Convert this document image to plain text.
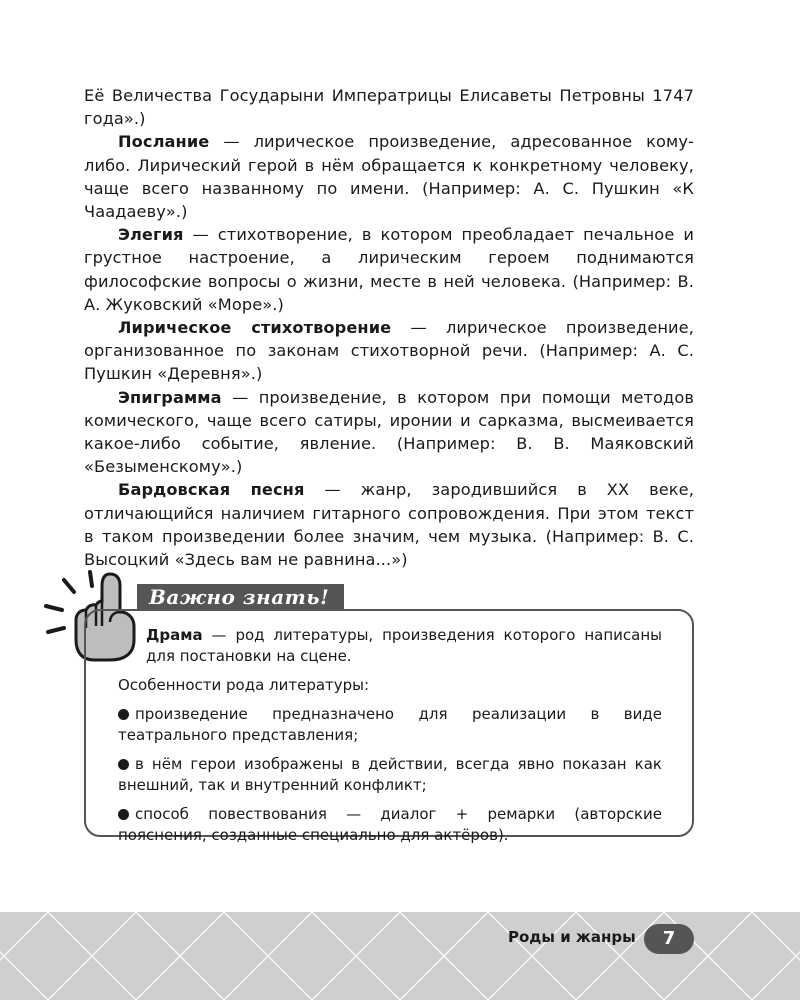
Её Величества Государыни Императрицы Елисаветы Петровны 1747 года».)

Послание — лирическое произведение, адресованное кому-либо. Лирический герой в нём обращается к конкретному человеку, чаще всего названному по имени. (Например: А. С. Пушкин «К Чаадаеву».)

Элегия — стихотворение, в котором преобладает печальное и грустное настроение, а лирическим героем поднимаются философские вопросы о жизни, месте в ней человека. (Например: В. А. Жуковский «Море».)

Лирическое стихотворение — лирическое произведение, организованное по законам стихотворной речи. (Например: А. С. Пушкин «Деревня».)

Эпиграмма — произведение, в котором при помощи методов комического, чаще всего сатиры, иронии и сарказма, высмеивается какое-либо событие, явление. (Например: В. В. Маяковский «Безыменскому».)

Бардовская песня — жанр, зародившийся в XX веке, отличающийся наличием гитарного сопровождения. При этом текст в таком произведении более значим, чем музыка. (Например: В. С. Высоцкий «Здесь вам не равнина...»)

Важно знать!

Драма — род литературы, произведения которого написаны для постановки на сцене.

Особенности рода литературы:

произведение предназначено для реализации в виде театрального представления;

в нём герои изображены в действии, всегда явно показан как внешний, так и внутренний конфликт;

способ повествования — диалог + ремарки (авторские пояснения, созданные специально для актёров).

Роды и жанры	7
